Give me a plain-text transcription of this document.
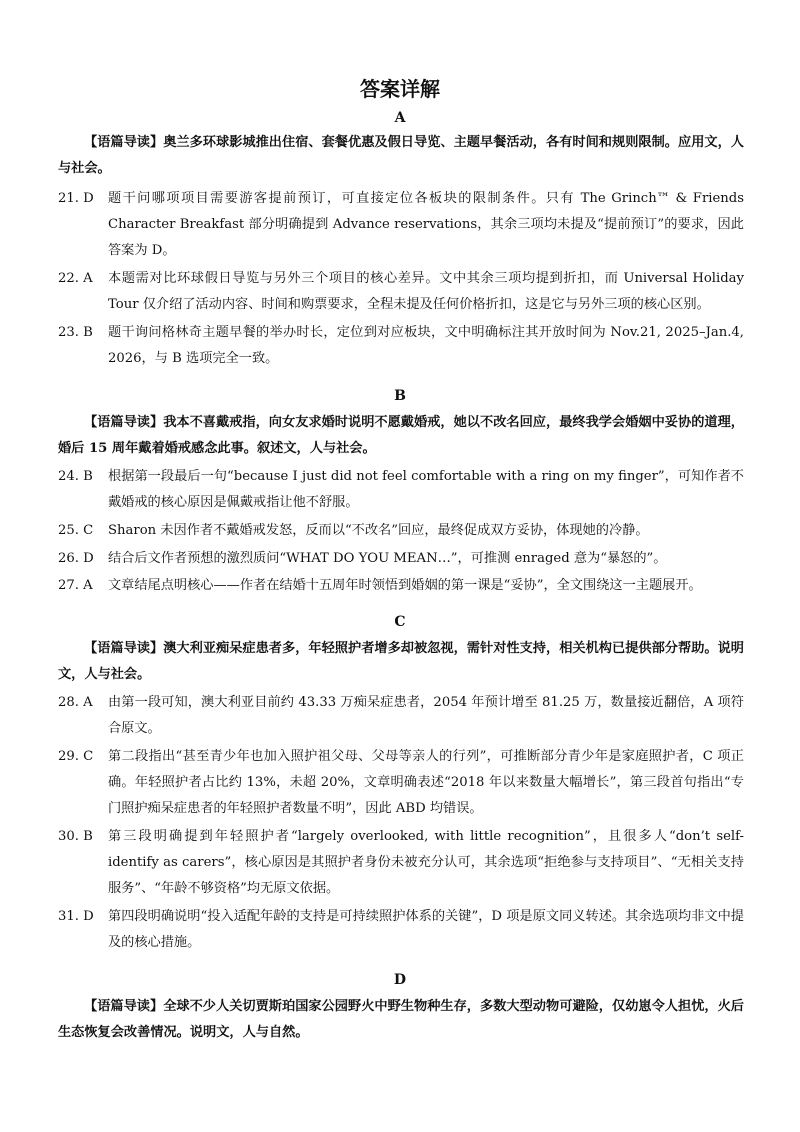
答案详解
A
【语篇导读】奥兰多环球影城推出住宿、套餐优惠及假日导览、主题早餐活动，各有时间和规则限制。应用文，人与社会。
21. D	题干问哪项项目需要游客提前预订，可直接定位各板块的限制条件。只有 The Grinch™ & Friends Character Breakfast 部分明确提到 Advance reservations，其余三项均未提及“提前预订”的要求，因此答案为 D。
22. A	本题需对比环球假日导览与另外三个项目的核心差异。文中其余三项均提到折扣，而 Universal Holiday Tour 仅介绍了活动内容、时间和购票要求，全程未提及任何价格折扣，这是它与另外三项的核心区别。
23. B	题干询问格林奇主题早餐的举办时长，定位到对应板块，文中明确标注其开放时间为 Nov.21, 2025–Jan.4, 2026，与 B 选项完全一致。
B
【语篇导读】我本不喜戴戒指，向女友求婚时说明不愿戴婚戒，她以不改名回应，最终我学会婚姻中妥协的道理，婚后 15 周年戴着婚戒感念此事。叙述文，人与社会。
24. B	根据第一段最后一句“because I just did not feel comfortable with a ring on my finger”，可知作者不戴婚戒的核心原因是佩戴戒指让他不舒服。
25. C	Sharon 未因作者不戴婚戒发怒，反而以“不改名”回应，最终促成双方妥协，体现她的冷静。
26. D	结合后文作者预想的激烈质问“WHAT DO YOU MEAN…”，可推测 enraged 意为“暴怒的”。
27. A	文章结尾点明核心——作者在结婚十五周年时领悟到婚姻的第一课是“妥协”，全文围绕这一主题展开。
C
【语篇导读】澳大利亚痴呆症患者多，年轻照护者增多却被忽视，需针对性支持，相关机构已提供部分帮助。说明文，人与社会。
28. A	由第一段可知，澳大利亚目前约 43.33 万痴呆症患者，2054 年预计增至 81.25 万，数量接近翻倍，A 项符合原文。
29. C	第二段指出“甚至青少年也加入照护祖父母、父母等亲人的行列”，可推断部分青少年是家庭照护者，C 项正确。年轻照护者占比约 13%，未超 20%，文章明确表述“2018 年以来数量大幅增长”，第三段首句指出“专门照护痴呆症患者的年轻照护者数量不明”，因此 ABD 均错误。
30. B	第三段明确提到年轻照护者“largely overlooked, with little recognition”，且很多人“don’t self-identify as carers”，核心原因是其照护者身份未被充分认可，其余选项“拒绝参与支持项目”、“无相关支持服务”、“年龄不够资格”均无原文依据。
31. D	第四段明确说明“投入适配年龄的支持是可持续照护体系的关键”，D 项是原文同义转述。其余选项均非文中提及的核心措施。
D
【语篇导读】全球不少人关切贾斯珀国家公园野火中野生物种生存，多数大型动物可避险，仅幼崽令人担忧，火后生态恢复会改善情况。说明文，人与自然。
